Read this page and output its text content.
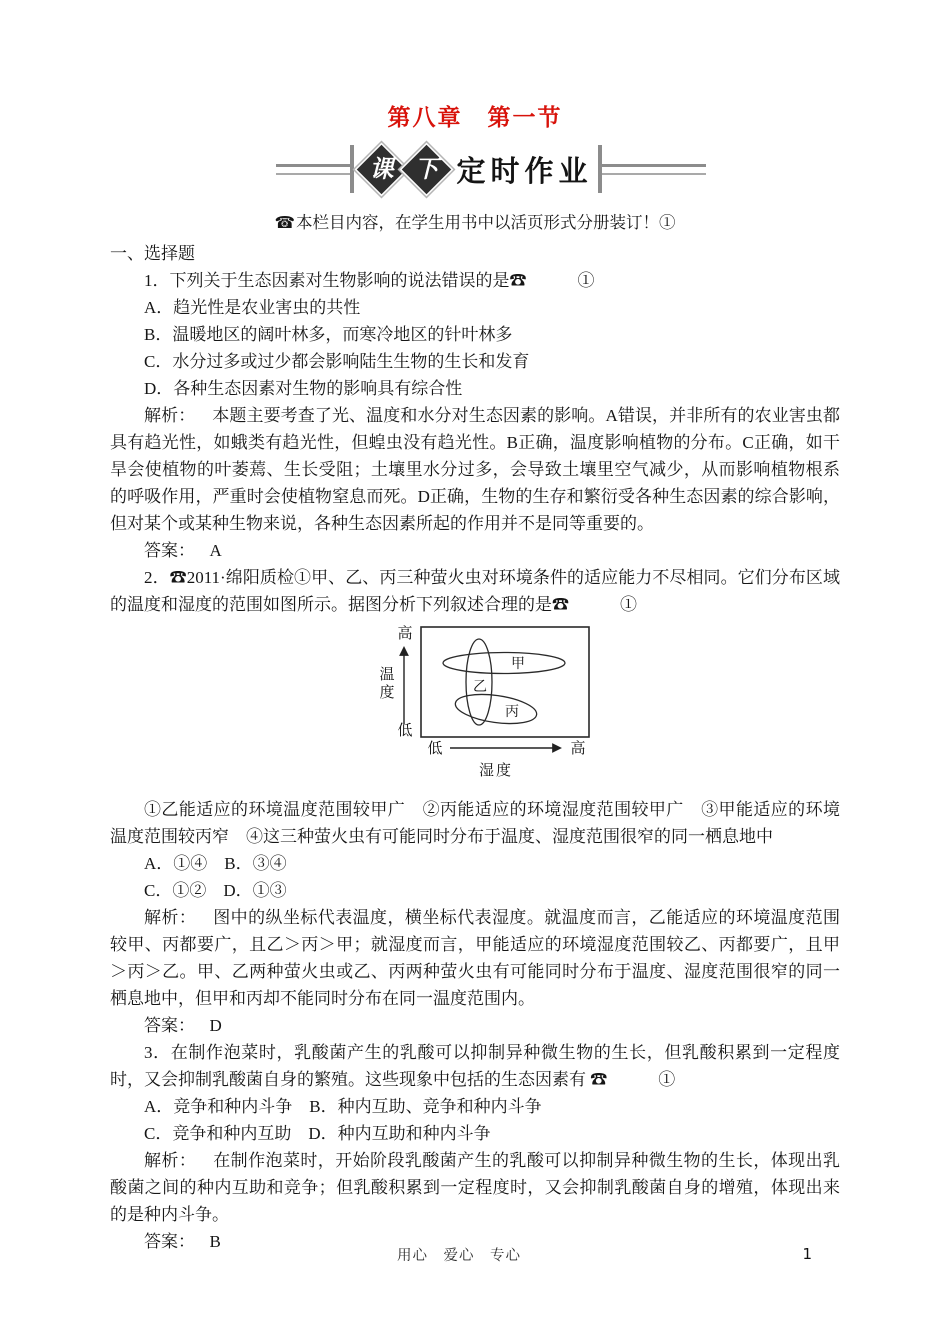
第八章　第一节
课 下 定时作业
☎本栏目内容，在学生用书中以活页形式分册装订！①

一、选择题

1．下列关于生态因素对生物影响的说法错误的是☎　　　①

A．趋光性是农业害虫的共性

B．温暖地区的阔叶林多，而寒冷地区的针叶林多

C．水分过多或过少都会影响陆生生物的生长和发育

D．各种生态因素对生物的影响具有综合性

解析： 本题主要考查了光、温度和水分对生态因素的影响。A错误，并非所有的农业害虫都具有趋光性，如蛾类有趋光性，但蝗虫没有趋光性。B正确，温度影响植物的分布。C正确，如干旱会使植物的叶萎蔫、生长受阻；土壤里水分过多，会导致土壤里空气减少，从而影响植物根系的呼吸作用，严重时会使植物窒息而死。D正确，生物的生存和繁衍受各种生态因素的综合影响，但对某个或某种生物来说，各种生态因素所起的作用并不是同等重要的。

答案： A

2．☎2011·绵阳质检①甲、乙、丙三种萤火虫对环境条件的适应能力不尽相同。它们分布区域的温度和湿度的范围如图所示。据图分析下列叙述合理的是☎　　　①

高
温
度
低
低	高
湿度
甲
乙
丙

①乙能适应的环境温度范围较甲广　②丙能适应的环境湿度范围较甲广　③甲能适应的环境温度范围较丙窄　④这三种萤火虫有可能同时分布于温度、湿度范围很窄的同一栖息地中

A．①④　B．③④

C．①②　D．①③

解析： 图中的纵坐标代表温度，横坐标代表湿度。就温度而言，乙能适应的环境温度范围较甲、丙都要广，且乙＞丙＞甲；就湿度而言，甲能适应的环境湿度范围较乙、丙都要广，且甲＞丙＞乙。甲、乙两种萤火虫或乙、丙两种萤火虫有可能同时分布于温度、湿度范围很窄的同一栖息地中，但甲和丙却不能同时分布在同一温度范围内。

答案： D

3．在制作泡菜时，乳酸菌产生的乳酸可以抑制异种微生物的生长，但乳酸积累到一定程度时，又会抑制乳酸菌自身的繁殖。这些现象中包括的生态因素有 ☎　　　①

A．竞争和种内斗争　B．种内互助、竞争和种内斗争

C．竞争和种内互助　D．种内互助和种内斗争

解析： 在制作泡菜时，开始阶段乳酸菌产生的乳酸可以抑制异种微生物的生长，体现出乳酸菌之间的种内互助和竞争；但乳酸积累到一定程度时，又会抑制乳酸菌自身的增殖，体现出来的是种内斗争。

答案： B

用心　爱心　专心	1
